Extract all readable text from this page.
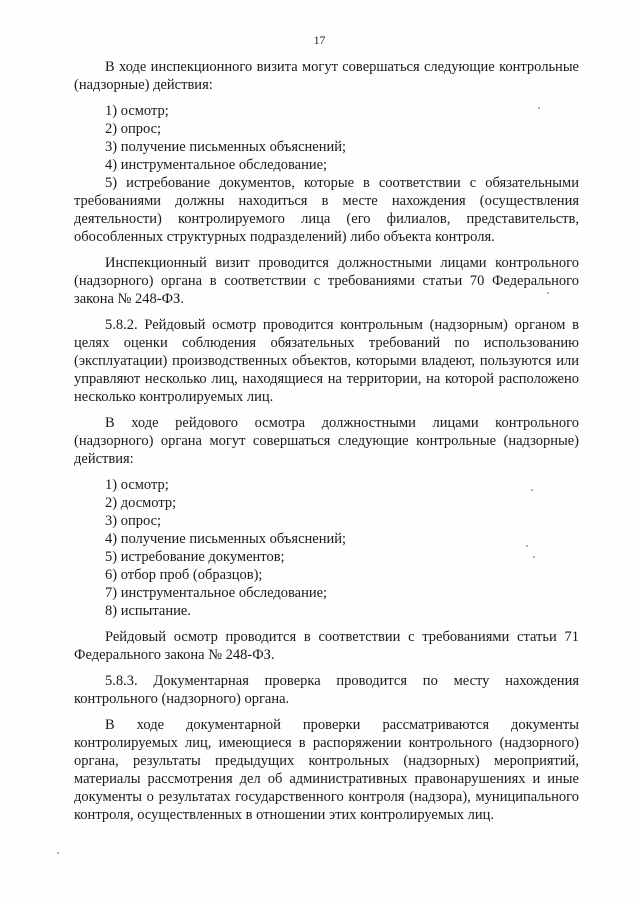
17

В ходе инспекционного визита могут совершаться следующие контрольные (надзорные) действия:

1) осмотр;
2) опрос;
3) получение письменных объяснений;
4) инструментальное обследование;
5) истребование документов, которые в соответствии с обязательными требованиями должны находиться в месте нахождения (осуществления деятельности) контролируемого лица (его филиалов, представительств, обособленных структурных подразделений) либо объекта контроля.

Инспекционный визит проводится должностными лицами контрольного (надзорного) органа в соответствии с требованиями статьи 70 Федерального закона № 248-ФЗ.

5.8.2. Рейдовый осмотр проводится контрольным (надзорным) органом в целях оценки соблюдения обязательных требований по использованию (эксплуатации) производственных объектов, которыми владеют, пользуются или управляют несколько лиц, находящиеся на территории, на которой расположено несколько контролируемых лиц.

В ходе рейдового осмотра должностными лицами контрольного (надзорного) органа могут совершаться следующие контрольные (надзорные) действия:

1) осмотр;
2) досмотр;
3) опрос;
4) получение письменных объяснений;
5) истребование документов;
6) отбор проб (образцов);
7) инструментальное обследование;
8) испытание.

Рейдовый осмотр проводится в соответствии с требованиями статьи 71 Федерального закона № 248-ФЗ.

5.8.3. Документарная проверка проводится по месту нахождения контрольного (надзорного) органа.

В ходе документарной проверки рассматриваются документы контролируемых лиц, имеющиеся в распоряжении контрольного (надзорного) органа, результаты предыдущих контрольных (надзорных) мероприятий, материалы рассмотрения дел об административных правонарушениях и иные документы о результатах государственного контроля (надзора), муниципального контроля, осуществленных в отношении этих контролируемых лиц.
